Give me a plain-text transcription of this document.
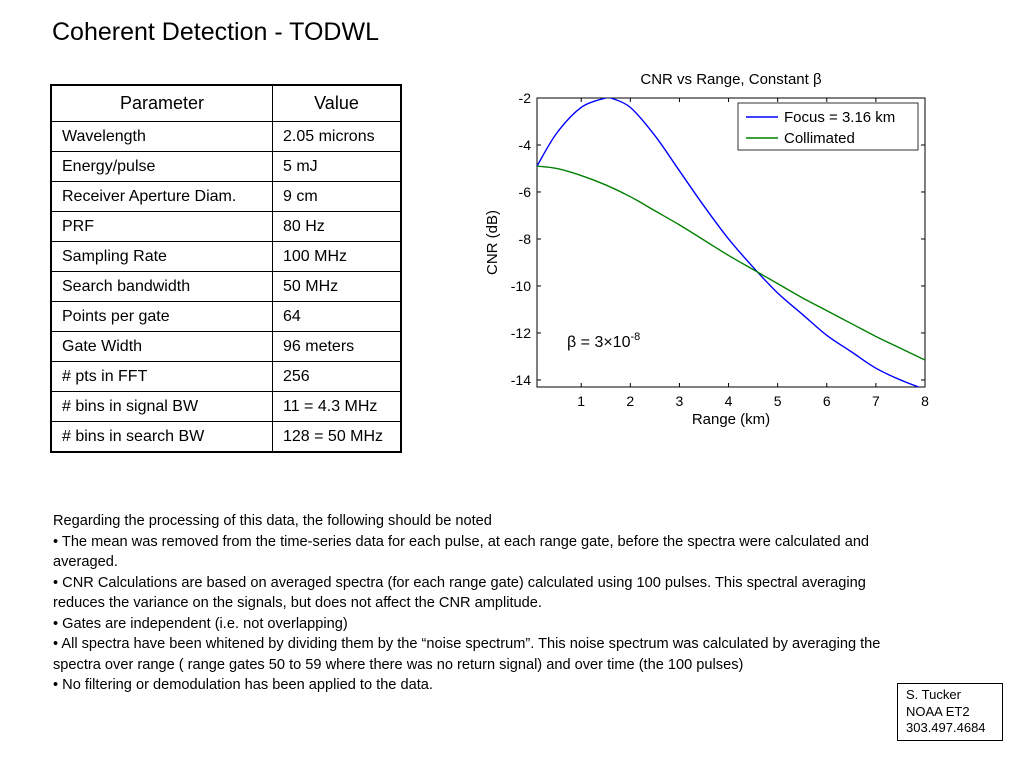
Coherent Detection - TODWL
Parameter	Value
Wavelength	2.05 microns
Energy/pulse	5 mJ
Receiver Aperture Diam.	9 cm
PRF	80 Hz
Sampling Rate	100 MHz
Search bandwidth	50 MHz
Points per gate	64
Gate Width	96 meters
# pts in FFT	256
# bins in signal BW	11 = 4.3 MHz
# bins in search BW	128 = 50 MHz
CNR vs Range, Constant β
1	2	3	4	5	6	7	8
-2
-4
-6
-8
-10
-12
-14
Range (km)
CNR (dB)
Focus = 3.16 km
Collimated
$\beta = 3\times 10^{-8}$

Regarding the processing of this data, the following should be noted

• The mean was removed from the time-series data for each pulse, at each range gate, before the spectra were calculated and averaged.

• CNR Calculations are based on averaged spectra (for each range gate) calculated using 100 pulses. This spectral averaging reduces the variance on the signals, but does not affect the CNR amplitude.

• Gates are independent (i.e. not overlapping)

• All spectra have been whitened by dividing them by the “noise spectrum”. This noise spectrum was calculated by averaging the spectra over range ( range gates 50 to 59 where there was no return signal) and over time (the 100 pulses)

• No filtering or demodulation has been applied to the data.

S. Tucker
NOAA ET2
303.497.4684
